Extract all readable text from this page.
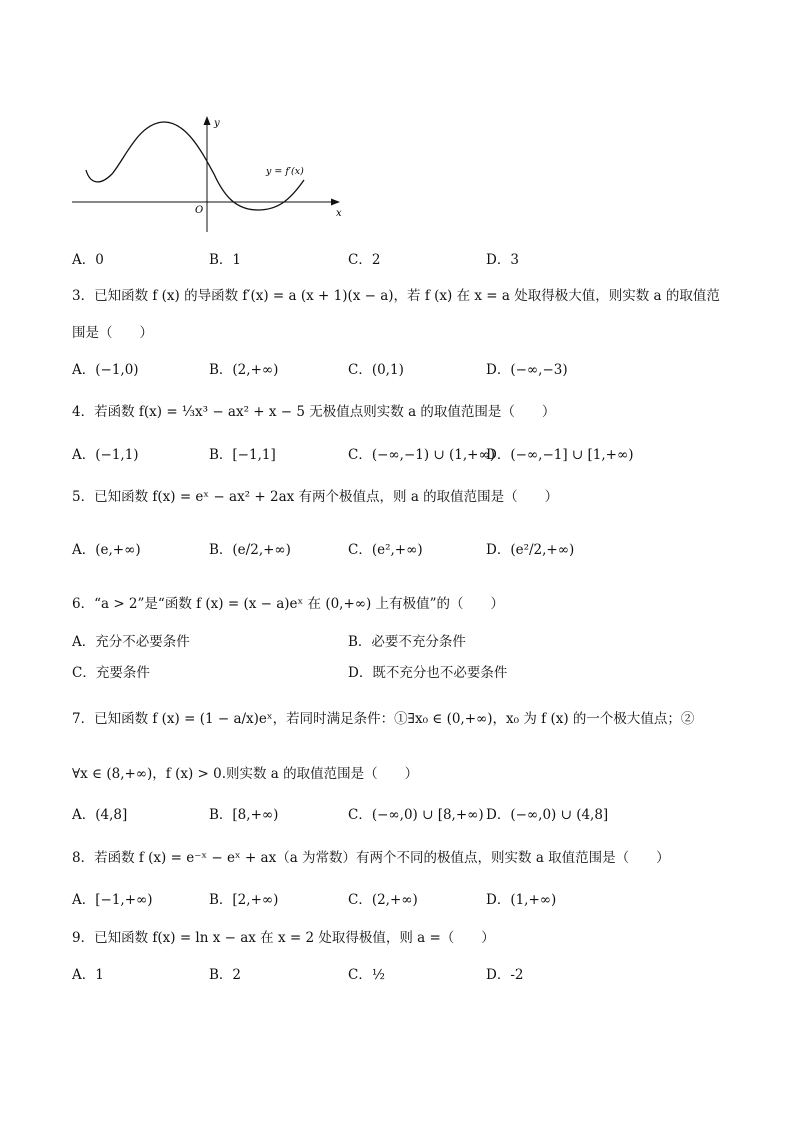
y
x
O
y = f′(x)
A．0	B．1	C．2	D．3
3．已知函数 f (x) 的导函数 f′(x) = a (x + 1)(x − a)，若 f (x) 在 x = a 处取得极大值，则实数 a 的取值范
围是（　　）
A．(−1,0)	B．(2,+∞)	C．(0,1)	D．(−∞,−3)
4．若函数 f(x) = ⅓x³ − ax² + x − 5 无极值点则实数 a 的取值范围是（　　）
A．(−1,1)	B．[−1,1]	C．(−∞,−1) ∪ (1,+∞)
D．(−∞,−1] ∪ [1,+∞)
5．已知函数 f(x) = eˣ − ax² + 2ax 有两个极值点，则 a 的取值范围是（　　）
A．(e,+∞)	B．(e/2,+∞)	C．(e²,+∞)	D．(e²/2,+∞)
6．“a > 2”是“函数 f (x) = (x − a)eˣ 在 (0,+∞) 上有极值”的（　　）
A．充分不必要条件	B．必要不充分条件
C．充要条件	D．既不充分也不必要条件
7．已知函数 f (x) = (1 − a/x)eˣ，若同时满足条件：①∃x₀ ∈ (0,+∞)，x₀ 为 f (x) 的一个极大值点；②
∀x ∈ (8,+∞)，f (x) > 0.则实数 a 的取值范围是（　　）
A．(4,8]	B．[8,+∞)	C．(−∞,0) ∪ [8,+∞) D．(−∞,0) ∪ (4,8]
8．若函数 f (x) = e⁻ˣ − eˣ + ax（a 为常数）有两个不同的极值点，则实数 a 取值范围是（　　）
A．[−1,+∞)	B．[2,+∞)	C．(2,+∞)	D．(1,+∞)
9．已知函数 f(x) = ln x − ax 在 x = 2 处取得极值，则 a =（　　）
A．1	B．2	C．½	D．-2
